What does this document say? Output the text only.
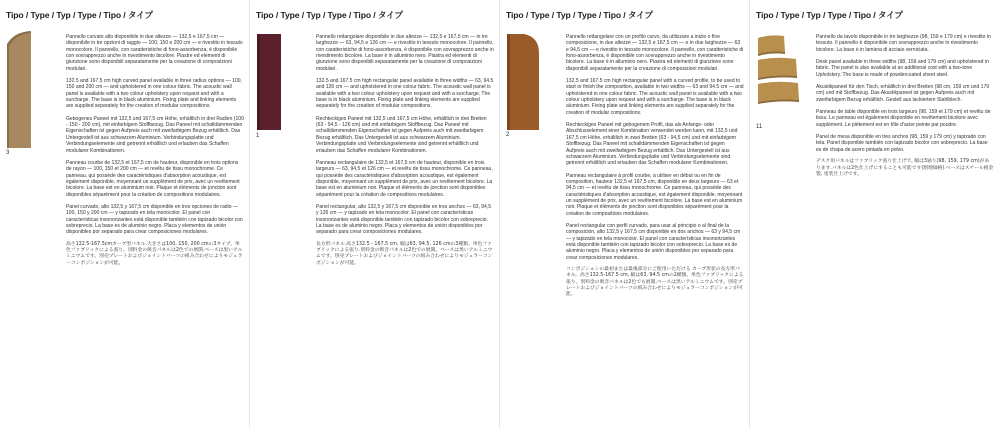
Tipo / Type / Typ / Type / Tipo / タイプ
3

Pannello curvato alto disponibile in due altezze — 132,5 e 167,5 cm — disponibile in tre opzioni di raggio — 100, 150 e 200 cm — e rivestito in tessuto monocolore. Il pannello, con caratteristiche di fono-assorbenza, è disponibile con sovrapprezzo anche in rivestimento bicolore. Piastre ed elementi di giunzione sono disponibili separatamente per la creazione di composizioni modulari.

132.5 and 167.5 cm high curved panel available in three radius options — 100, 150 and 200 cm — and upholstered in one colour fabric. The acoustic wall panel is available with a two colour upholstery upon request and with a surcharge. The base is in black aluminium. Fixing plate and linking elements are supplied separately for the creation of modular compositions.

Gebogenes Paneel mit 132,5 und 167,5 cm Höhe, erhältlich in drei Radien (100 - 150 - 200 cm), mit einfarbigem Stoffbezug. Das Paneel mit schalldämmenden Eigenschaften ist gegen Aufpreis auch mit zweifarbigem Bezug erhältlich. Das Untergestell ist aus schwarzem Aluminium. Verbindungsplatte und Verbindungselemente sind getrennt erhältlich und erlauben das Schaffen modularer Kombinationen.

Panneau courbe de 132,5 et 167,5 cm de hauteur, disponible en trois options de rayon — 100, 150 et 200 cm — et revêtu de tissu monochrome. Ce panneau, qui possède des caractéristiques d'absorption acoustique, est également disponible, moyennant un supplément de prix, avec un revêtement bicolore. La base est en aluminium noir. Plaque et éléments de jonction sont disponibles séparément pour la création de compositions modulaires.

Panel curvado, alto 132,5 y 167,5 cm disponible en tres opciones de radio — 100, 150 y 200 cm — y tapizado en tela monocolor. El panel con características insonorizantes está disponible también con tapizado bicolor con sobreprecio. La base es de aluminio negro. Placa y elementos de unión disponibles por separado para crear composiciones modulares.

高さ132.5-167.5cmカーブ型パネル.大きさは100, 150, 200 cmの3タイプ。単色ファブリックによる張り。別料金の吸音パネルは2色での展開.ベースは黒いアルミニウムです。別売プレートおよびジョイントパーツの組み合わせによりモジュラーコンポジションが可能。

Tipo / Type / Typ / Type / Tipo / タイプ
1

Pannello rettangolare disponibile in due altezze — 132,5 e 167,5 cm — in tre larghezze — 63, 94,5 e 126 cm — e rivestito in tessuto monocolore. Il pannello, con caratteristiche di fono-assorbenza, è disponibile con sovrapprezzo anche in rivestimento bicolore. La base è in alluminio nero. Piastra ed elementi di giunzione sono disponibili separatamente per la creazione di composizioni modulari.

132.5 and 167.5 cm high rectangular panel available in three widths — 63, 94.5 and 126 cm — and upholstered in one colour fabric. The acoustic wall panel is available with a two colour upholstery upon request and with a surcharge. The base is in black aluminium. Fixing plate and linking elements are supplied separately for the creation of modular compositions.

Rechteckiges Paneel mit 132,5 und 167,5 cm Höhe, erhältlich in drei Breiten (63 - 94,5 - 126 cm) und mit einfarbigem Stoffbezug. Das Paneel mit schalldämmenden Eigenschaften ist gegen Aufpreis auch mit zweifarbigem Bezug erhältlich. Das Untergestell ist aus schwarzem Aluminium. Verbindungsplatte und Verbindungselemente sind getrennt erhältlich und erlauben das Schaffen modularer Kombinationen.

Panneau rectangulaire de 132,5 et 167,5 cm de hauteur, disponible en trois largeurs — 63, 94,5 et 126 cm — et revêtu de tissu monochrome. Ce panneau, qui possède des caractéristiques d'absorption acoustique, est également disponible, moyennant un supplément de prix, avec un revêtement bicolore. La base est en aluminium noir. Plaque et éléments de jonction sont disponibles séparément pour la création de compositions modulaires.

Panel rectangular, alto 132,5 y 167,5 cm disponible en tres anchos — 63, 94,5 y 126 cm — y tapizado en tela monocolor. El panel con características insonorizantes está disponible también con tapizado bicolor con sobreprecio. La base es de aluminio negro. Placa y elementos de unión disponibles por separado para crear composiciones modulares.

長方形パネル.高さ132.5 - 167.5 cm, 幅は63, 94.5, 126 cmの3種類。単色ファブリックによる張り.別料金の吸音パネルは2色での展開。ベースは黒いアルミニウムです。別売プレートおよびジョイントパーツの組み合わせによりモジュラーコンポジションが可能。

Tipo / Type / Typ / Type / Tipo / タイプ
2

Pannello rettangolare con un profilo curvo, da utilizzare a inizio o fine composizione, in due altezze — 132,5 e 167,5 cm — e in due larghezze — 63 e 94,5 cm — e rivestito in tessuto monocolore. Il pannello, con caratteristiche di fono-assorbenza, è disponibile con sovrapprezzo anche in rivestimento bicolore. La base è in alluminio nero. Piastra ed elementi di giunzione sono disponibili separatamente per la creazione di composizioni modulari.

132.5 and 167.5 cm high rectangular panel with a curved profile, to be used to start or finish the composition, available in two widths — 63 and 94.5 cm — and upholstered in one colour fabric. The acoustic wall panel is available with a two colour upholstery upon request and with a surcharge. The base is in black aluminium. Fixing plate and linking elements are supplied separately for the creation of modular compositions.

Rechteckiges Paneel mit gebogenem Profil, das als Anfangs- oder Abschlusselement einer Kombination verwendet werden kann, mit 132,5 und 167,5 cm Höhe, erhältlich in zwei Breiten (63 - 94,5 cm) und mit einfarbigem Stoffbezug. Das Paneel mit schalldämmenden Eigenschaften ist gegen Aufpreis auch mit zweifarbigem Bezug erhältlich. Das Untergestell ist aus schwarzem Aluminium. Verbindungsplatte und Verbindungselemente sind getrennt erhältlich und erlauben das Schaffen modularer Kombinationen.

Panneau rectangulaire à profil courbe, à utiliser en début ou en fin de composition, hauteur 132,5 et 167,5 cm, disponible en deux largeurs — 63 et 94,5 cm — et revêtu de tissu monochrome. Ce panneau, qui possède des caractéristiques d'absorption acoustique, est également disponible, moyennant un supplément de prix, avec un revêtement bicolore. La base est en aluminium noir. Plaque et éléments de jonction sont disponibles séparément pour la création de compositions modulaires.

Panel rectangular con perfil curvado, para usar al principio o al final de la composición, alto 132,5 y 167,5 cm disponible en dos anchos — 63 y 94,5 cm — y tapizado en tela monocolor. El panel con características insonorizantes está disponible también con tapizado bicolor con sobreprecio. La base es de aluminio negro. Placa y elementos de unión disponibles por separado para crear composiciones modulares.

コンポジションの最初または最後部分にご使用いただける カーブ形状の長方形パネル。高さ132.5-167.5 cm, 幅は63, 94.5 cmの2種類。単色ファブリックによる張り。別料金の吸音パネルは2色でも展開,ベースは黒いアルミニウムです。別売プレートおよびジョイントパーツの組み合わせによりモジュラーコンポジションが可能。

Tipo / Type / Typ / Type / Tipo / タイプ
11

Pannello da tavolo disponibile in tre larghezze (98, 159 e 179 cm) e rivestito in tessuto. Il pannello è disponibile con sovrapprezzo anche in rivestimento bicolore. La base è in lamiera di acciaio verniciata.

Desk panel available in three widths (98, 159 and 179 cm) and upholstered in fabric. The panel is also available at an additional cost with a two-tone Upholstery. The base is made of powdercoated sheet steel.

Akustikpaneel für den Tisch, erhältlich in drei Breiten (98 cm, 159 cm und 179 cm) und mit Stoffbezug. Das Akustikpaneel ist gegen Aufpreis auch mit zweifarbigem Bezug erhältlich. Gestell aus lackiertem Stahlblech.

Panneau de table disponible en trois largeurs (98, 159 et 179 cm) et revêtu de tissu. Le panneau est également disponible en revêtement bicolore avec supplément. Le piètement est en tôle d'acier peinte par poudre.

Panel de mesa disponible en tres anchos (98, 159 y 179 cm) y tapizado con tela. Panel disponible también con tapizado bicolor con sobreprecio. La base es de chapa de acero pintada en polvo.

デスク用パネルはファブリック張り仕上げで, 幅は3通り(98, 159, 179 cm)があります.パネルは2色仕上げにすることも可能です(割増価格).ベースはスチール板金製, 塗装仕上げです。
